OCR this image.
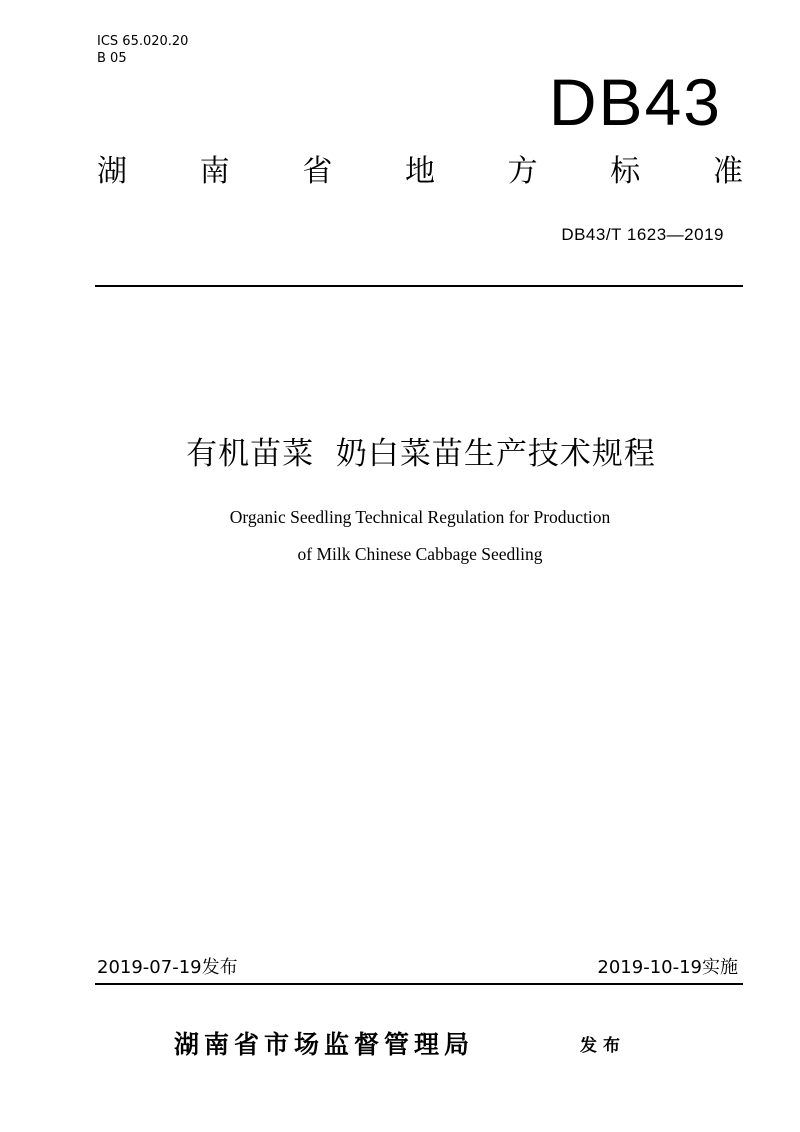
ICS 65.020.20
B 05
DB43
湖 南 省 地 方 标 准
DB43/T 1623—2019
有机苗菜  奶白菜苗生产技术规程
Organic Seedling Technical Regulation for Production
of Milk Chinese Cabbage Seedling
2019-07-19发布	2019-10-19实施
湖南省市场监督管理局	发布
